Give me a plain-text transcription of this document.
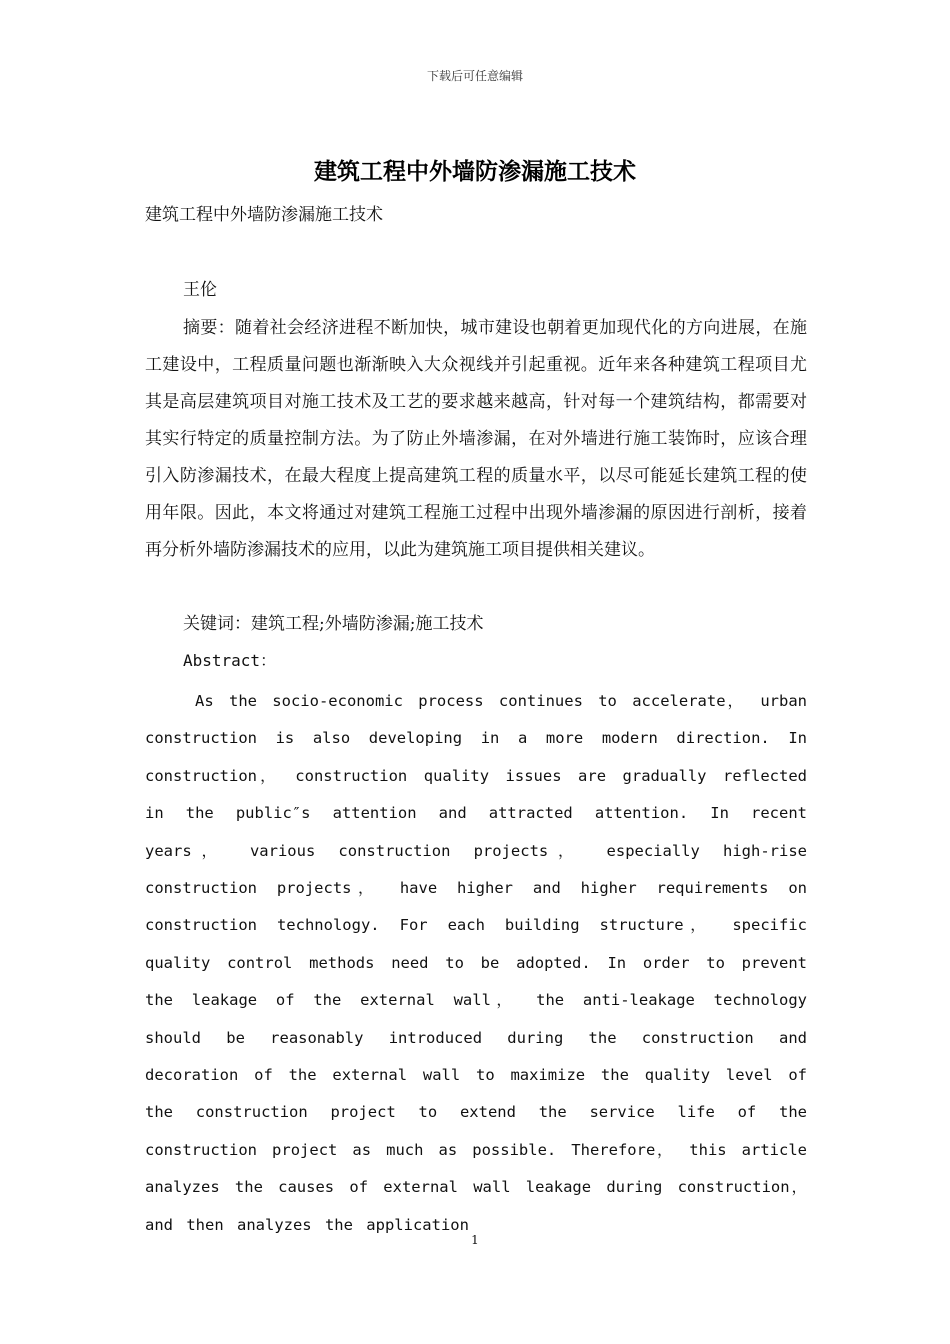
下载后可任意编辑
建筑工程中外墙防渗漏施工技术
建筑工程中外墙防渗漏施工技术
王伦

摘要：随着社会经济进程不断加快，城市建设也朝着更加现代化的方向进展，在施工建设中，工程质量问题也渐渐映入大众视线并引起重视。近年来各种建筑工程项目尤其是高层建筑项目对施工技术及工艺的要求越来越高，针对每一个建筑结构，都需要对其实行特定的质量控制方法。为了防止外墙渗漏，在对外墙进行施工装饰时，应该合理引入防渗漏技术，在最大程度上提高建筑工程的质量水平，以尽可能延长建筑工程的使用年限。因此，本文将通过对建筑工程施工过程中出现外墙渗漏的原因进行剖析，接着再分析外墙防渗漏技术的应用，以此为建筑施工项目提供相关建议。

关键词：建筑工程;外墙防渗漏;施工技术
Abstract：

As the socio-economic process continues to accelerate， urban construction is also developing in a more modern direction. In construction， construction quality issues are gradually reflected in the public″s attention and attracted attention. In recent years， various construction projects， especially high-rise construction projects， have higher and higher requirements on construction technology. For each building structure， specific quality control methods need to be adopted. In order to prevent the leakage of the external wall， the anti-leakage technology should be reasonably introduced during the construction and decoration of the external wall to maximize the quality level of the construction project to extend the service life of the construction project as much as possible. Therefore， this article analyzes the causes of external wall leakage during construction， and then analyzes the application

1
